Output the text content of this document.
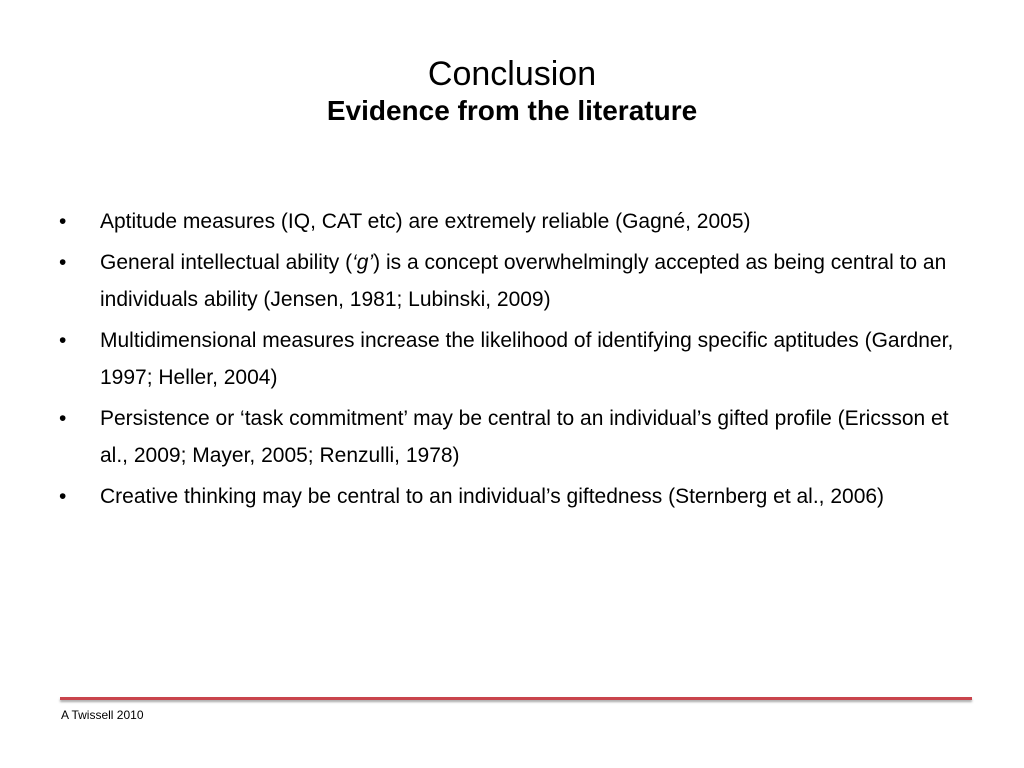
Conclusion
Evidence from the literature
• Aptitude measures (IQ, CAT etc) are extremely reliable (Gagné, 2005)
• General intellectual ability (‘g’) is a concept overwhelmingly accepted as being central to an individuals ability (Jensen, 1981; Lubinski, 2009)
• Multidimensional measures increase the likelihood of identifying specific aptitudes (Gardner, 1997; Heller, 2004)
• Persistence or ‘task commitment’ may be central to an individual’s gifted profile (Ericsson et al., 2009; Mayer, 2005; Renzulli, 1978)
• Creative thinking may be central to an individual’s giftedness (Sternberg et al., 2006)
A Twissell 2010
